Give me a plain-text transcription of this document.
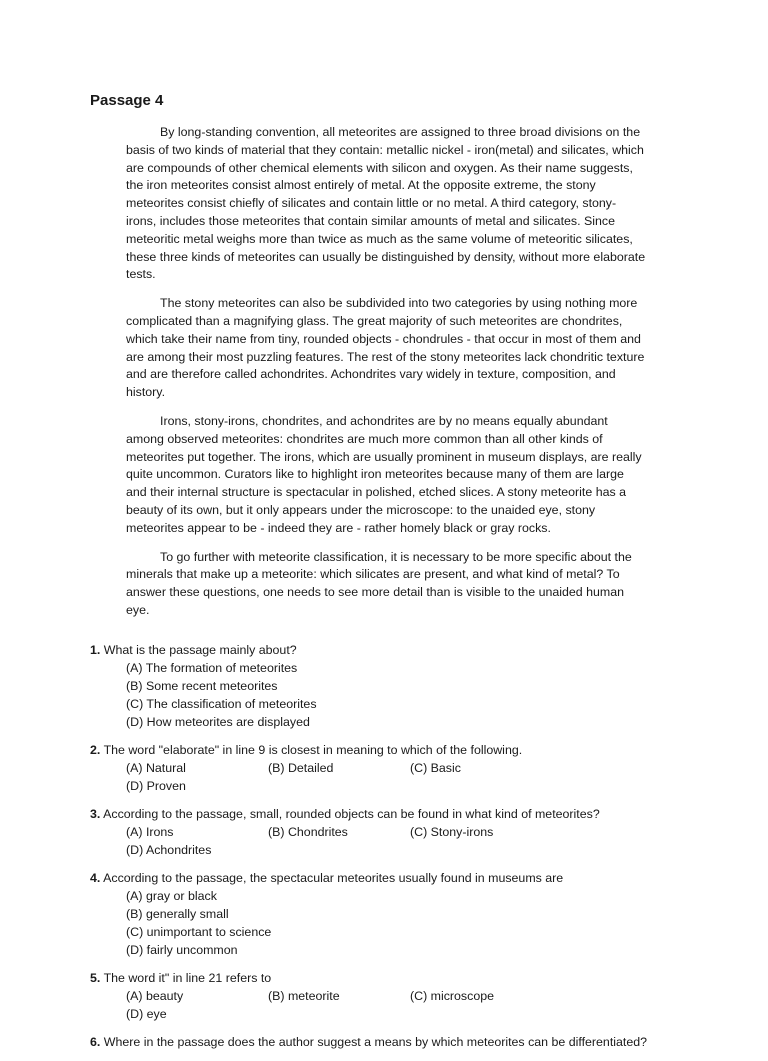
Passage 4

By long-standing convention, all meteorites are assigned to three broad divisions on the basis of two kinds of material that they contain: metallic nickel - iron(metal) and silicates, which are compounds of other chemical elements with silicon and oxygen. As their name suggests, the iron meteorites consist almost entirely of metal. At the opposite extreme, the stony meteorites consist chiefly of silicates and contain little or no metal. A third category, stony-irons, includes those meteorites that contain similar amounts of metal and silicates. Since meteoritic metal weighs more than twice as much as the same volume of meteoritic silicates, these three kinds of meteorites can usually be distinguished by density, without more elaborate tests.

The stony meteorites can also be subdivided into two categories by using nothing more complicated than a magnifying glass. The great majority of such meteorites are chondrites, which take their name from tiny, rounded objects - chondrules - that occur in most of them and are among their most puzzling features. The rest of the stony meteorites lack chondritic texture and are therefore called achondrites. Achondrites vary widely in texture, composition, and history.

Irons, stony-irons, chondrites, and achondrites are by no means equally abundant among observed meteorites: chondrites are much more common than all other kinds of meteorites put together. The irons, which are usually prominent in museum displays, are really quite uncommon. Curators like to highlight iron meteorites because many of them are large and their internal structure is spectacular in polished, etched slices. A stony meteorite has a beauty of its own, but it only appears under the microscope: to the unaided eye, stony meteorites appear to be - indeed they are - rather homely black or gray rocks.

To go further with meteorite classification, it is necessary to be more specific about the minerals that make up a meteorite: which silicates are present, and what kind of metal? To answer these questions, one needs to see more detail than is visible to the unaided human eye.

1. What is the passage mainly about?
(A) The formation of meteorites
(B) Some recent meteorites
(C) The classification of meteorites
(D) How meteorites are displayed
2. The word "elaborate" in line 9 is closest in meaning to which of the following.
(A) Natural	(B) Detailed	(C) Basic
(D) Proven
3. According to the passage, small, rounded objects can be found in what kind of meteorites?
(A) Irons	(B) Chondrites	(C) Stony-irons
(D) Achondrites
4. According to the passage, the spectacular meteorites usually found in museums are
(A) gray or black
(B) generally small
(C) unimportant to science
(D) fairly uncommon
5. The word it" in line 21 refers to
(A) beauty	(B) meteorite	(C) microscope
(D) eye
6. Where in the passage does the author suggest a means by which meteorites can be differentiated?
